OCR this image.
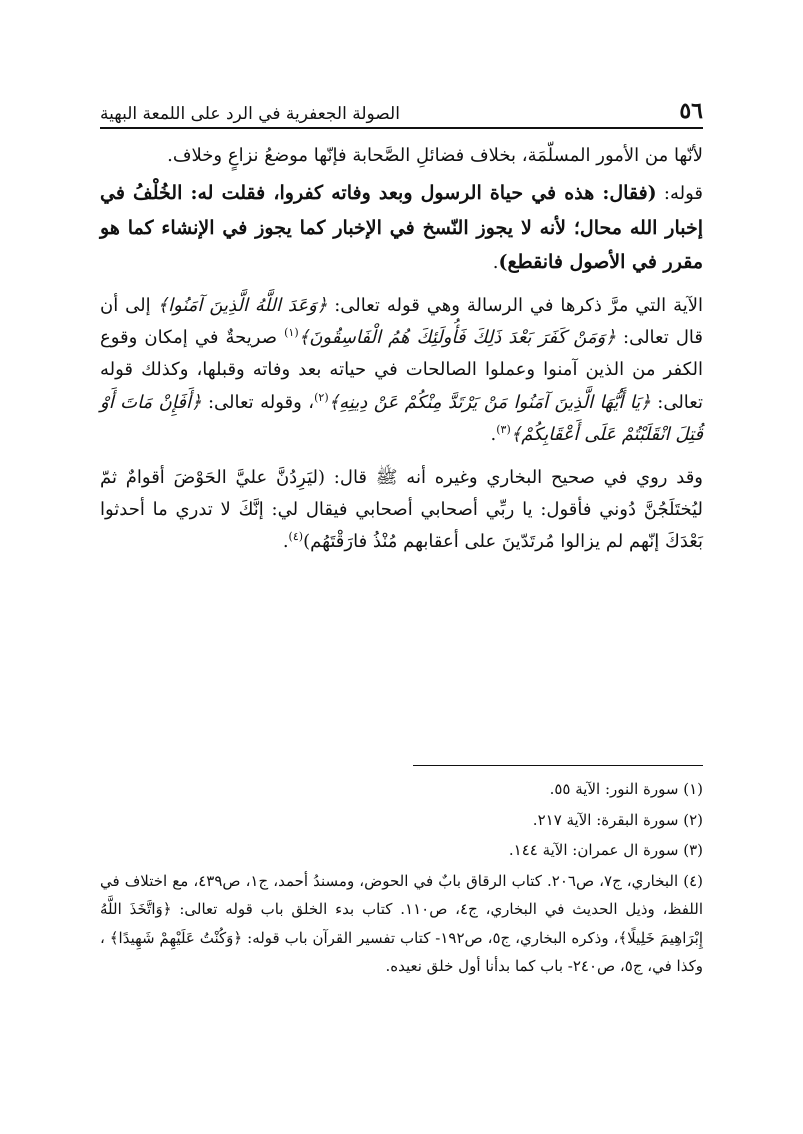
٥٦
الصولة الجعفرية في الرد على اللمعة البهية

لأنّها من الأمور المسلّمَة، بخلاف فضائلِ الصَّحابة فإنّها موضعُ نزاعٍ وخلاف.

قوله: (فقال: هذه في حياة الرسول وبعد وفاته كفروا، فقلت له: الخُلْفُ في إخبار الله محال؛ لأنه لا يجوز النّسخ في الإخبار كما يجوز في الإنشاء كما هو مقرر في الأصول فانقطع).

الآية التي مرَّ ذكرها في الرسالة وهي قوله تعالى: ﴿وَعَدَ اللَّهُ الَّذِينَ آمَنُوا﴾ إلى أن قال تعالى: ﴿وَمَنْ كَفَرَ بَعْدَ ذَلِكَ فَأُولَئِكَ هُمُ الْفَاسِقُونَ﴾$^{(١)}$ صريحةٌ في إمكان وقوع الكفر من الذين آمنوا وعملوا الصالحات في حياته بعد وفاته وقبلها، وكذلك قوله تعالى: ﴿يَا أَيُّهَا الَّذِينَ آمَنُوا مَنْ يَرْتَدَّ مِنْكُمْ عَنْ دِينِهِ﴾$^{(٢)}$، وقوله تعالى: ﴿أَفَإِنْ مَاتَ أَوْ قُتِلَ انْقَلَبْتُمْ عَلَى أَعْقَابِكُمْ﴾$^{(٣)}$.

وقد روي في صحيح البخاري وغيره أنه ﷺ قال: (ليَرِدُنَّ عليَّ الحَوْضَ أقوامٌ ثمّ ليُختَلَجُنَّ دُوني فأقول: يا ربِّي أصحابي أصحابي فيقال لي: إنَّكَ لا تدري ما أحدثوا بَعْدَكَ إنّهم لم يزالوا مُرتَدّينَ على أعقابهم مُنْذُ فارَقْتَهُم)$^{(٤)}$.

(١) سورة النور: الآية ٥٥.

(٢) سورة البقرة: الآية ٢١٧.

(٣) سورة ال عمران: الآية ١٤٤.

(٤) البخاري، ج٧، ص٢٠٦. كتاب الرقاق بابٌ في الحوض، ومسندُ أحمد، ج١، ص٤٣٩، مع اختلاف في اللفظ، وذيل الحديث في البخاري، ج٤، ص١١٠. كتاب بدء الخلق باب قوله تعالى: ﴿وَاتَّخَذَ اللَّهُ إِبْرَاهِيمَ خَلِيلًا﴾، وذكره البخاري، ج٥، ص١٩٢- كتاب تفسير القرآن باب قوله: ﴿وَكُنْتُ عَلَيْهِمْ شَهِيدًا﴾ ، وكذا في، ج٥، ص٢٤٠- باب كما بدأنا أول خلق نعيده.
